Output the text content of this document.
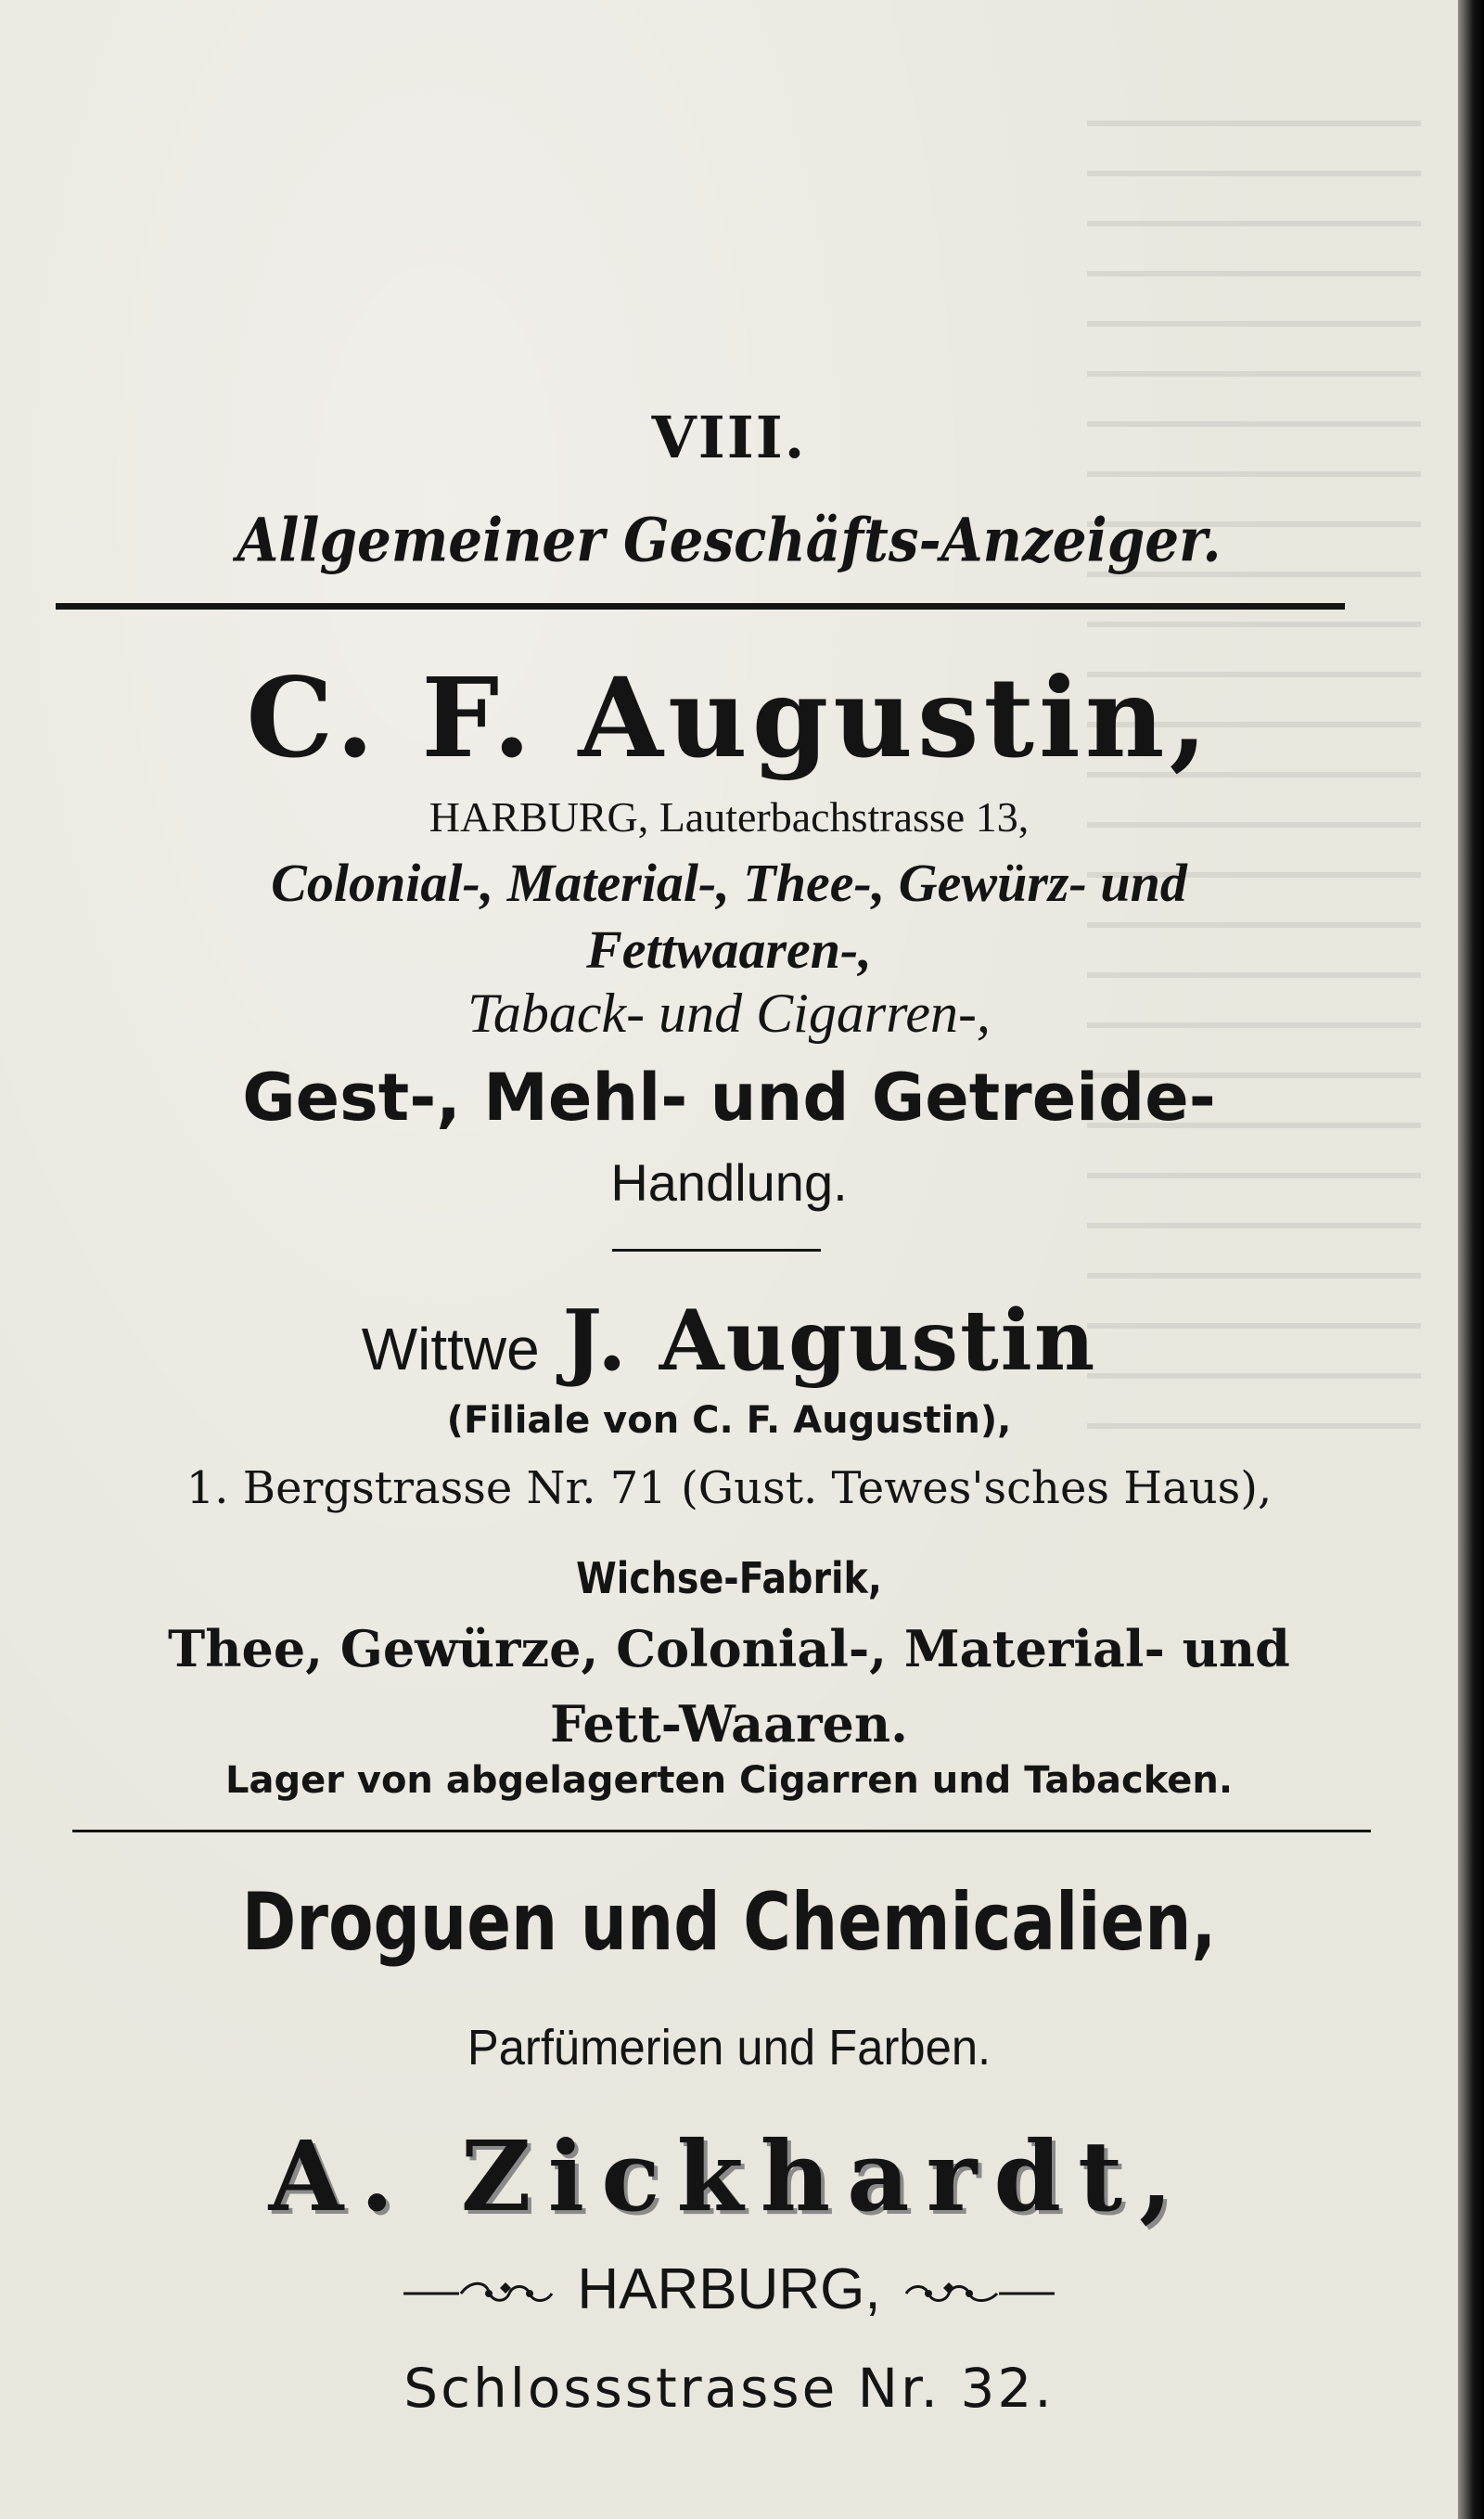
VIII.
Allgemeiner Geschäfts-Anzeiger.
C. F. Augustin,
HARBURG, Lauterbachstrasse 13,
Colonial-, Material-, Thee-, Gewürz- und
Fettwaaren-,
Taback- und Cigarren-,
Gest-, Mehl- und Getreide-
Handlung.
Wittwe J. Augustin
(Filiale von C. F. Augustin),
1. Bergstrasse Nr. 71 (Gust. Tewes'sches Haus),
Wichse-Fabrik,
Thee, Gewürze, Colonial-, Material- und
Fett-Waaren.
Lager von abgelagerten Cigarren und Tabacken.
Droguen und Chemicalien,
Parfümerien und Farben.
A. Zickhardt,
HARBURG,
Schlossstrasse Nr. 32.
